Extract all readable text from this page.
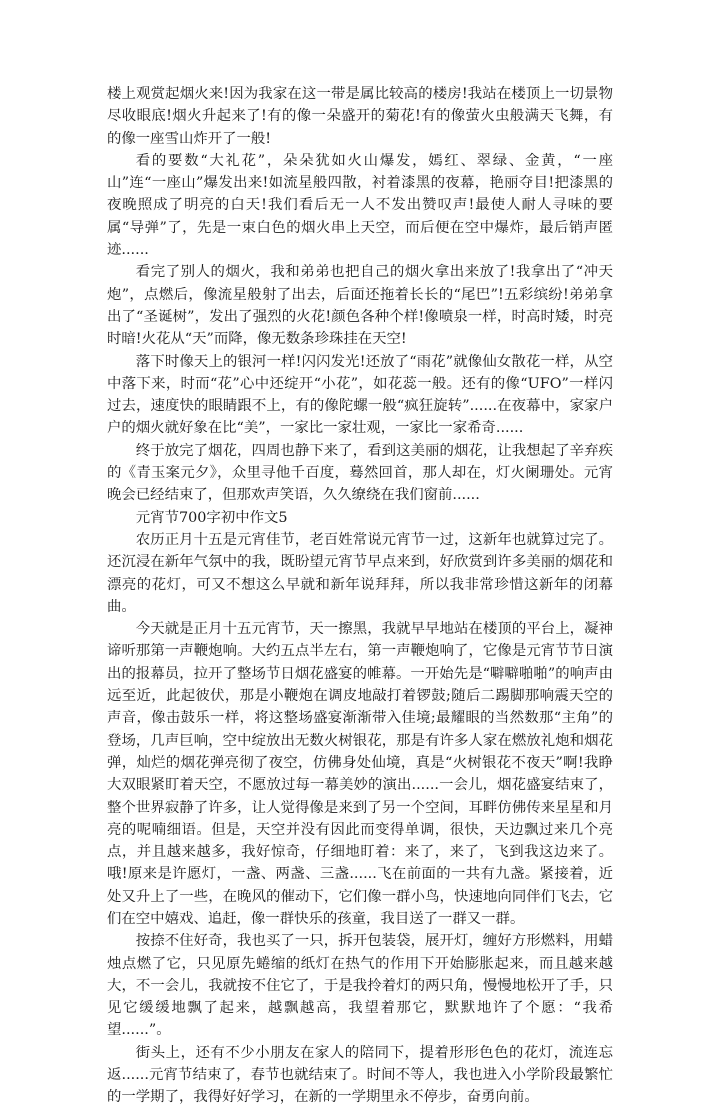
楼上观赏起烟火来!因为我家在这一带是属比较高的楼房!我站在楼顶上一切景物尽收眼底!烟火升起来了!有的像一朵盛开的菊花!有的像萤火虫般满天飞舞，有的像一座雪山炸开了一般!

看的要数“大礼花”，朵朵犹如火山爆发，嫣红、翠绿、金黄，“一座山”连“一座山”爆发出来!如流星般四散，衬着漆黑的夜幕，艳丽夺目!把漆黑的夜晚照成了明亮的白天!我们看后无一人不发出赞叹声!最使人耐人寻味的要属“导弹”了，先是一束白色的烟火串上天空，而后便在空中爆炸，最后销声匿迹......

看完了别人的烟火，我和弟弟也把自己的烟火拿出来放了!我拿出了“冲天炮”，点燃后，像流星般射了出去，后面还拖着长长的“尾巴”!五彩缤纷!弟弟拿出了“圣诞树”，发出了强烈的火花!颜色各种个样!像喷泉一样，时高时矮，时亮时暗!火花从“天”而降，像无数条珍珠挂在天空!

落下时像天上的银河一样!闪闪发光!还放了“雨花”就像仙女散花一样，从空中落下来，时而“花”心中还绽开“小花”，如花蕊一般。还有的像“UFO”一样闪过去，速度快的眼睛跟不上，有的像陀螺一般“疯狂旋转”......在夜幕中，家家户户的烟火就好象在比“美”，一家比一家壮观，一家比一家希奇......

终于放完了烟花，四周也静下来了，看到这美丽的烟花，让我想起了辛弃疾的《青玉案元夕》，众里寻他千百度，蓦然回首，那人却在，灯火阑珊处。元宵晚会已经结束了，但那欢声笑语，久久缭绕在我们窗前......

元宵节700字初中作文5

农历正月十五是元宵佳节，老百姓常说元宵节一过，这新年也就算过完了。还沉浸在新年气氛中的我，既盼望元宵节早点来到，好欣赏到许多美丽的烟花和漂亮的花灯，可又不想这么早就和新年说拜拜，所以我非常珍惜这新年的闭幕曲。

今天就是正月十五元宵节，天一擦黑，我就早早地站在楼顶的平台上，凝神谛听那第一声鞭炮响。大约五点半左右，第一声鞭炮响了，它像是元宵节节日演出的报幕员，拉开了整场节日烟花盛宴的帷幕。一开始先是“噼噼啪啪”的响声由远至近，此起彼伏，那是小鞭炮在调皮地敲打着锣鼓;随后二踢脚那响震天空的声音，像击鼓乐一样，将这整场盛宴渐渐带入佳境;最耀眼的当然数那“主角”的登场，几声巨响，空中绽放出无数火树银花，那是有许多人家在燃放礼炮和烟花弹，灿烂的烟花弹亮彻了夜空，仿佛身处仙境，真是“火树银花不夜天”啊!我睁大双眼紧盯着天空，不愿放过每一幕美妙的演出......一会儿，烟花盛宴结束了，整个世界寂静了许多，让人觉得像是来到了另一个空间，耳畔仿佛传来星星和月亮的呢喃细语。但是，天空并没有因此而变得单调，很快，天边飘过来几个亮点，并且越来越多，我好惊奇，仔细地盯着：来了，来了，飞到我这边来了。哦!原来是许愿灯，一盏、两盏、三盏......飞在前面的一共有九盏。紧接着，近处又升上了一些，在晚风的催动下，它们像一群小鸟，快速地向同伴们飞去，它们在空中嬉戏、追赶，像一群快乐的孩童，我目送了一群又一群。

按捺不住好奇，我也买了一只，拆开包装袋，展开灯，缠好方形燃料，用蜡烛点燃了它，只见原先蜷缩的纸灯在热气的作用下开始膨胀起来，而且越来越大，不一会儿，我就按不住它了，于是我拎着灯的两只角，慢慢地松开了手，只见它缓缓地飘了起来，越飘越高，我望着那它，默默地许了个愿：“我希望......”。

街头上，还有不少小朋友在家人的陪同下，提着形形色色的花灯，流连忘返......元宵节结束了，春节也就结束了。时间不等人，我也进入小学阶段最繁忙的一学期了，我得好好学习，在新的一学期里永不停步，奋勇向前。
